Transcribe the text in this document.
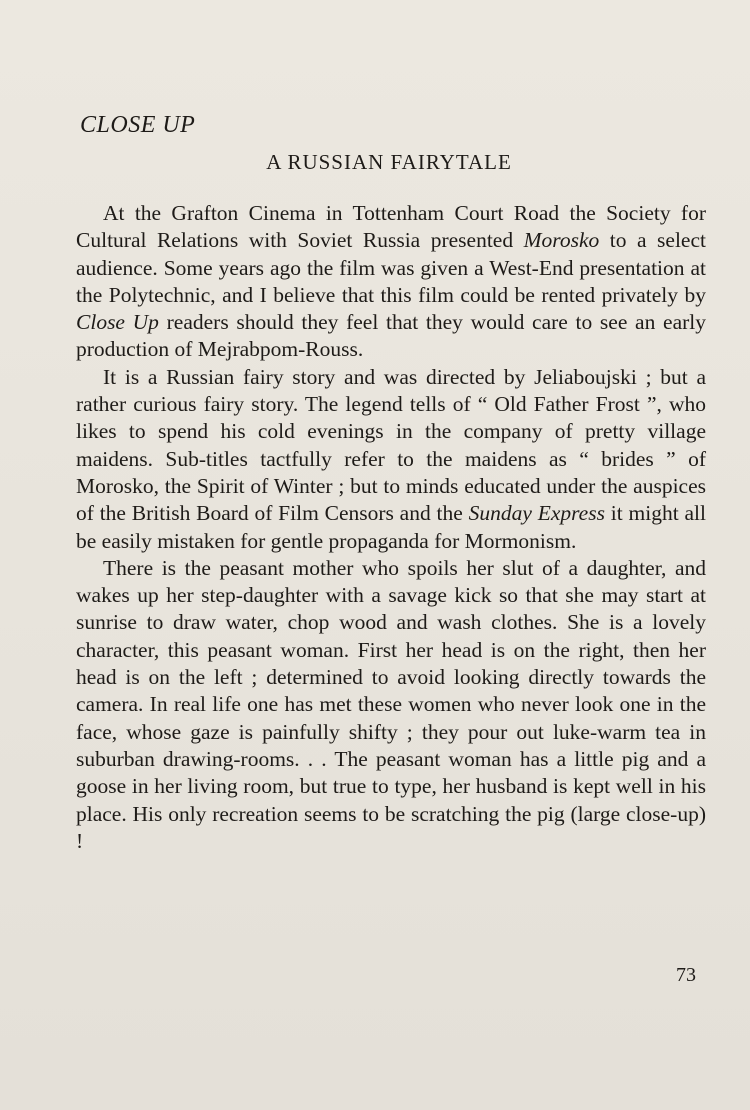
CLOSE UP
A RUSSIAN FAIRYTALE

At the Grafton Cinema in Tottenham Court Road the Society for Cultural Relations with Soviet Russia presented Morosko to a select audience. Some years ago the film was given a West-End presentation at the Polytechnic, and I believe that this film could be rented privately by Close Up readers should they feel that they would care to see an early production of Mejrabpom-Rouss.

It is a Russian fairy story and was directed by Jeliaboujski ; but a rather curious fairy story. The legend tells of “ Old Father Frost ”, who likes to spend his cold evenings in the company of pretty village maidens. Sub-titles tactfully refer to the maidens as “ brides ” of Morosko, the Spirit of Winter ; but to minds educated under the auspices of the British Board of Film Censors and the Sunday Express it might all be easily mistaken for gentle propaganda for Mormonism.

There is the peasant mother who spoils her slut of a daughter, and wakes up her step-daughter with a savage kick so that she may start at sunrise to draw water, chop wood and wash clothes. She is a lovely character, this peasant woman. First her head is on the right, then her head is on the left ; determined to avoid looking directly towards the camera. In real life one has met these women who never look one in the face, whose gaze is painfully shifty ; they pour out luke-warm tea in suburban drawing-rooms. . . The peasant woman has a little pig and a goose in her living room, but true to type, her husband is kept well in his place. His only recreation seems to be scratching the pig (large close-up) !

73
